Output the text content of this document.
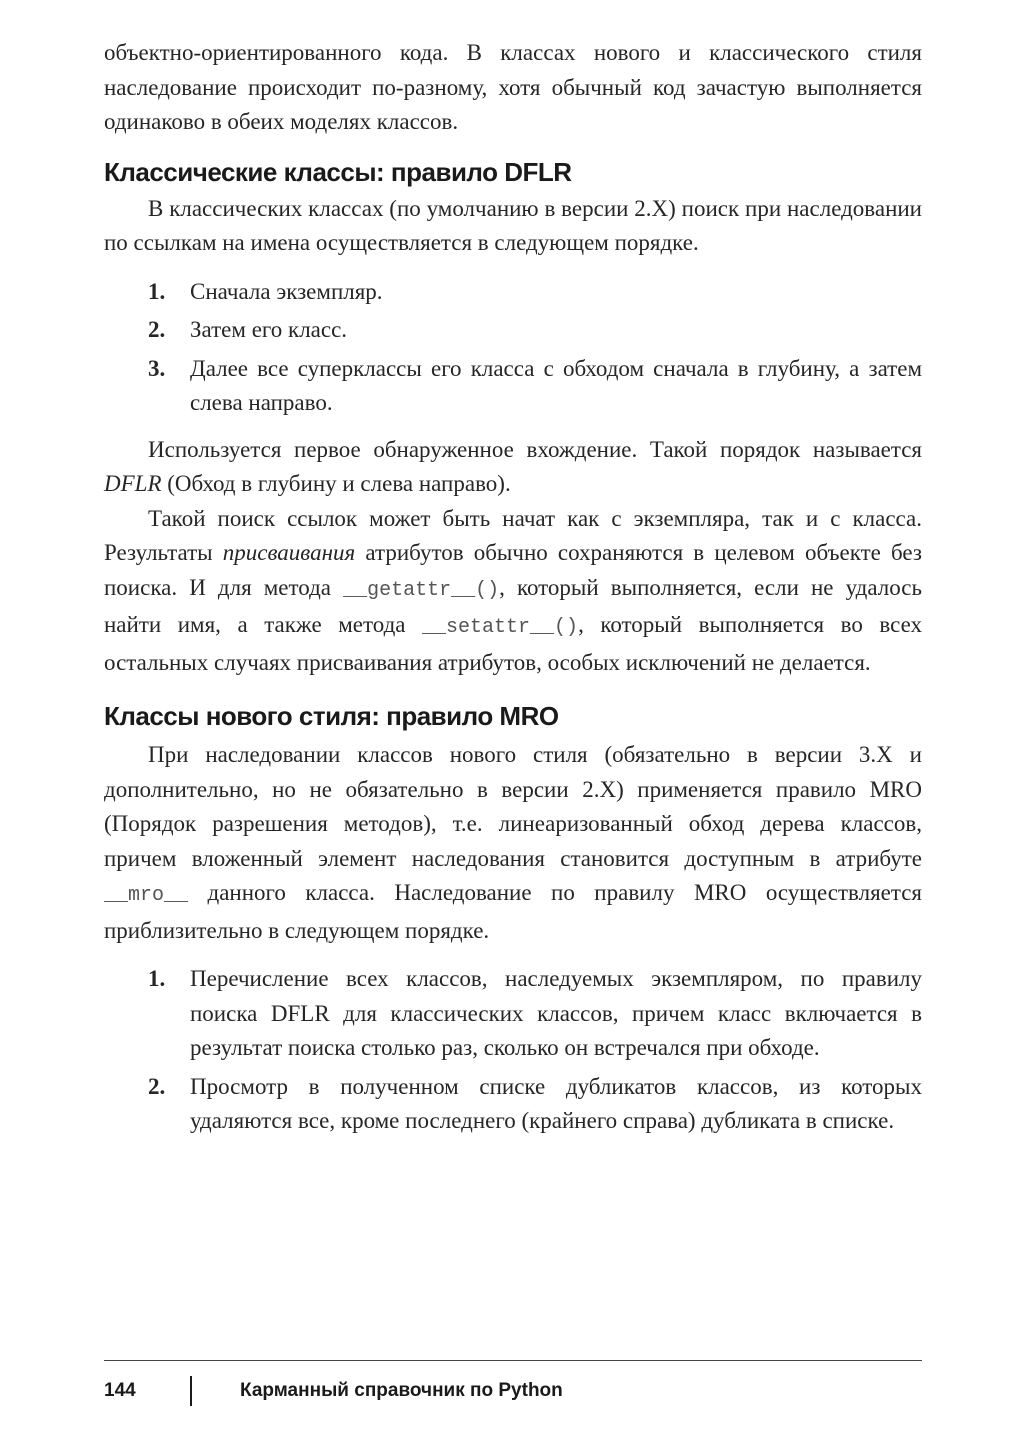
объектно-ориентированного кода. В классах нового и классического стиля наследование происходит по-разному, хотя обычный код зачастую выполняется одинаково в обеих моделях классов.

Классические классы: правило DFLR

В классических классах (по умолчанию в версии 2.X) поиск при наследовании по ссылкам на имена осуществляется в следующем порядке.

1. Сначала экземпляр.
2. Затем его класс.
3. Далее все суперклассы его класса с обходом сначала в глубину, а затем слева направо.

Используется первое обнаруженное вхождение. Такой порядок называется DFLR (Обход в глубину и слева направо).

Такой поиск ссылок может быть начат как с экземпляра, так и с класса. Результаты присваивания атрибутов обычно сохраняются в целевом объекте без поиска. И для метода __getattr__(), который выполняется, если не удалось найти имя, а также метода __setattr__(), который выполняется во всех остальных случаях присваивания атрибутов, особых исключений не делается.

Классы нового стиля: правило MRO

При наследовании классов нового стиля (обязательно в версии 3.X и дополнительно, но не обязательно в версии 2.X) применяется правило MRO (Порядок разрешения методов), т.е. линеаризованный обход дерева классов, причем вложенный элемент наследования становится доступным в атрибуте __mro__ данного класса. Наследование по правилу MRO осуществляется приблизительно в следующем порядке.

1. Перечисление всех классов, наследуемых экземпляром, по правилу поиска DFLR для классических классов, причем класс включается в результат поиска столько раз, сколько он встречался при обходе.
2. Просмотр в полученном списке дубликатов классов, из которых удаляются все, кроме последнего (крайнего справа) дубликата в списке.
144	Карманный справочник по Python
